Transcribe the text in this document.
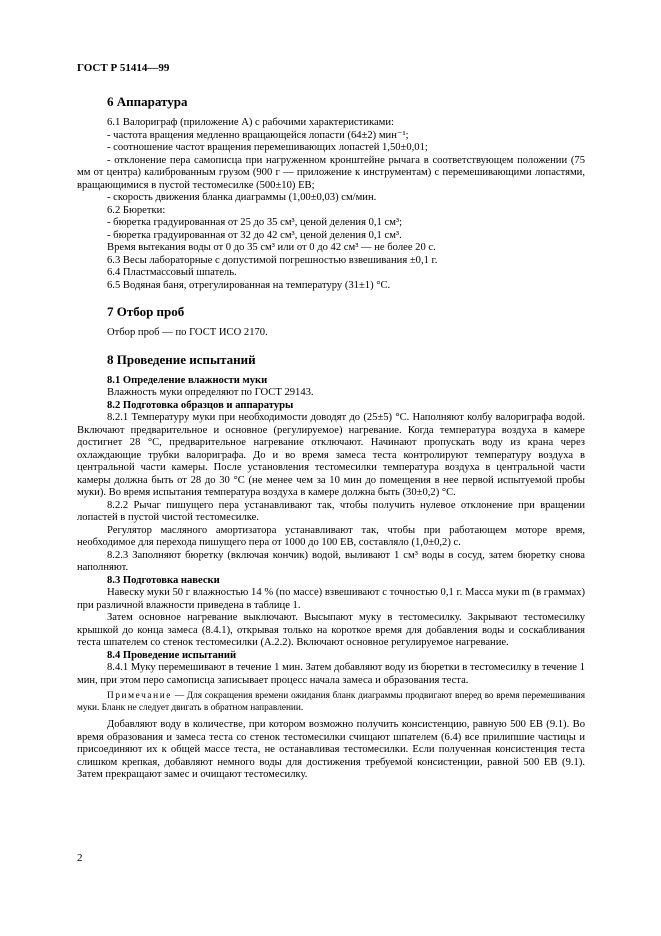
ГОСТ Р 51414—99
6 Аппаратура

6.1 Валориграф (приложение А) с рабочими характеристиками:

- частота вращения медленно вращающейся лопасти (64±2) мин⁻¹;

- соотношение частот вращения перемешивающих лопастей 1,50±0,01;

- отклонение пера самописца при нагруженном кронштейне рычага в соответствующем положении (75 мм от центра) калиброванным грузом (900 г — приложение к инструментам) с перемешивающими лопастями, вращающимися в пустой тестомесилке (500±10) ЕВ;

- скорость движения бланка диаграммы (1,00±0,03) см/мин.

6.2 Бюретки:

- бюретка градуированная от 25 до 35 см³, ценой деления 0,1 см³;

- бюретка градуированная от 32 до 42 см³, ценой деления 0,1 см³.

Время вытекания воды от 0 до 35 см³ или от 0 до 42 см³ — не более 20 с.

6.3 Весы лабораторные с допустимой погрешностью взвешивания ±0,1 г.

6.4 Пластмассовый шпатель.

6.5 Водяная баня, отрегулированная на температуру (31±1) °С.

7 Отбор проб

Отбор проб — по ГОСТ ИСО 2170.

8 Проведение испытаний

8.1 Определение влажности муки

Влажность муки определяют по ГОСТ 29143.

8.2 Подготовка образцов и аппаратуры

8.2.1 Температуру муки при необходимости доводят до (25±5) °С. Наполняют колбу валориграфа водой. Включают предварительное и основное (регулируемое) нагревание. Когда температура воздуха в камере достигнет 28 °С, предварительное нагревание отключают. Начинают пропускать воду из крана через охлаждающие трубки валориграфа. До и во время замеса теста контролируют температуру воздуха в центральной части камеры. После установления тестомесилки температура воздуха в центральной части камеры должна быть от 28 до 30 °С (не менее чем за 10 мин до помещения в нее первой испытуемой пробы муки). Во время испытания температура воздуха в камере должна быть (30±0,2) °С.

8.2.2 Рычаг пишущего пера устанавливают так, чтобы получить нулевое отклонение при вращении лопастей в пустой чистой тестомесилке.

Регулятор масляного амортизатора устанавливают так, чтобы при работающем моторе время, необходимое для перехода пишущего пера от 1000 до 100 ЕВ, составляло (1,0±0,2) с.

8.2.3 Заполняют бюретку (включая кончик) водой, выливают 1 см³ воды в сосуд, затем бюретку снова наполняют.

8.3 Подготовка навески

Навеску муки 50 г влажностью 14 % (по массе) взвешивают с точностью 0,1 г. Масса муки m (в граммах) при различной влажности приведена в таблице 1.

Затем основное нагревание выключают. Высыпают муку в тестомесилку. Закрывают тестомесилку крышкой до конца замеса (8.4.1), открывая только на короткое время для добавления воды и соскабливания теста шпателем со стенок тестомесилки (А.2.2). Включают основное регулируемое нагревание.

8.4 Проведение испытаний

8.4.1 Муку перемешивают в течение 1 мин. Затем добавляют воду из бюретки в тестомесилку в течение 1 мин, при этом перо самописца записывает процесс начала замеса и образования теста.

Примечание — Для сокращения времени ожидания бланк диаграммы продвигают вперед во время перемешивания муки. Бланк не следует двигать в обратном направлении.

Добавляют воду в количестве, при котором возможно получить консистенцию, равную 500 ЕВ (9.1). Во время образования и замеса теста со стенок тестомесилки счищают шпателем (6.4) все прилипшие частицы и присоединяют их к общей массе теста, не останавливая тестомесилки. Если полученная консистенция теста слишком крепкая, добавляют немного воды для достижения требуемой консистенции, равной 500 ЕВ (9.1). Затем прекращают замес и очищают тестомесилку.

2
